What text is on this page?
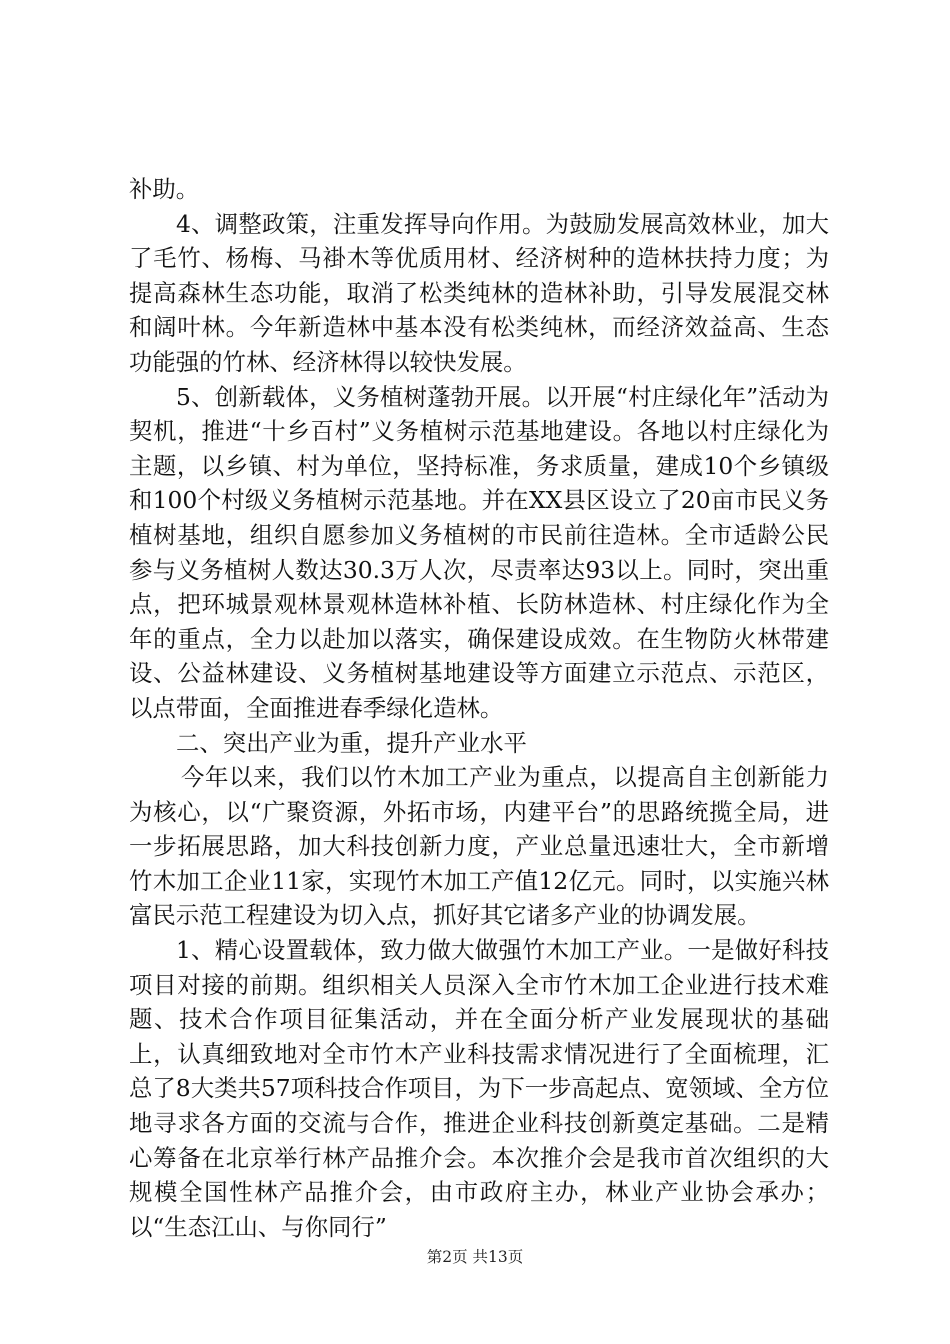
补助。

4、调整政策，注重发挥导向作用。为鼓励发展高效林业，加大了毛竹、杨梅、马褂木等优质用材、经济树种的造林扶持力度；为提高森林生态功能，取消了松类纯林的造林补助，引导发展混交林和阔叶林。今年新造林中基本没有松类纯林，而经济效益高、生态功能强的竹林、经济林得以较快发展。

5、创新载体，义务植树蓬勃开展。以开展“村庄绿化年”活动为契机，推进“十乡百村”义务植树示范基地建设。各地以村庄绿化为主题，以乡镇、村为单位，坚持标准，务求质量，建成10个乡镇级和100个村级义务植树示范基地。并在XX县区设立了20亩市民义务植树基地，组织自愿参加义务植树的市民前往造林。全市适龄公民参与义务植树人数达30.3万人次，尽责率达93以上。同时，突出重点，把环城景观林景观林造林补植、长防林造林、村庄绿化作为全年的重点，全力以赴加以落实，确保建设成效。在生物防火林带建设、公益林建设、义务植树基地建设等方面建立示范点、示范区，以点带面，全面推进春季绿化造林。

二、突出产业为重，提升产业水平

今年以来，我们以竹木加工产业为重点，以提高自主创新能力为核心，以“广聚资源，外拓市场，内建平台”的思路统揽全局，进一步拓展思路，加大科技创新力度，产业总量迅速壮大，全市新增竹木加工企业11家，实现竹木加工产值12亿元。同时，以实施兴林富民示范工程建设为切入点，抓好其它诸多产业的协调发展。

1、精心设置载体，致力做大做强竹木加工产业。一是做好科技项目对接的前期。组织相关人员深入全市竹木加工企业进行技术难题、技术合作项目征集活动，并在全面分析产业发展现状的基础上，认真细致地对全市竹木产业科技需求情况进行了全面梳理，汇总了8大类共57项科技合作项目，为下一步高起点、宽领域、全方位地寻求各方面的交流与合作，推进企业科技创新奠定基础。二是精心筹备在北京举行林产品推介会。本次推介会是我市首次组织的大规模全国性林产品推介会，由市政府主办，林业产业协会承办；以“生态江山、与你同行”

第2页 共13页
